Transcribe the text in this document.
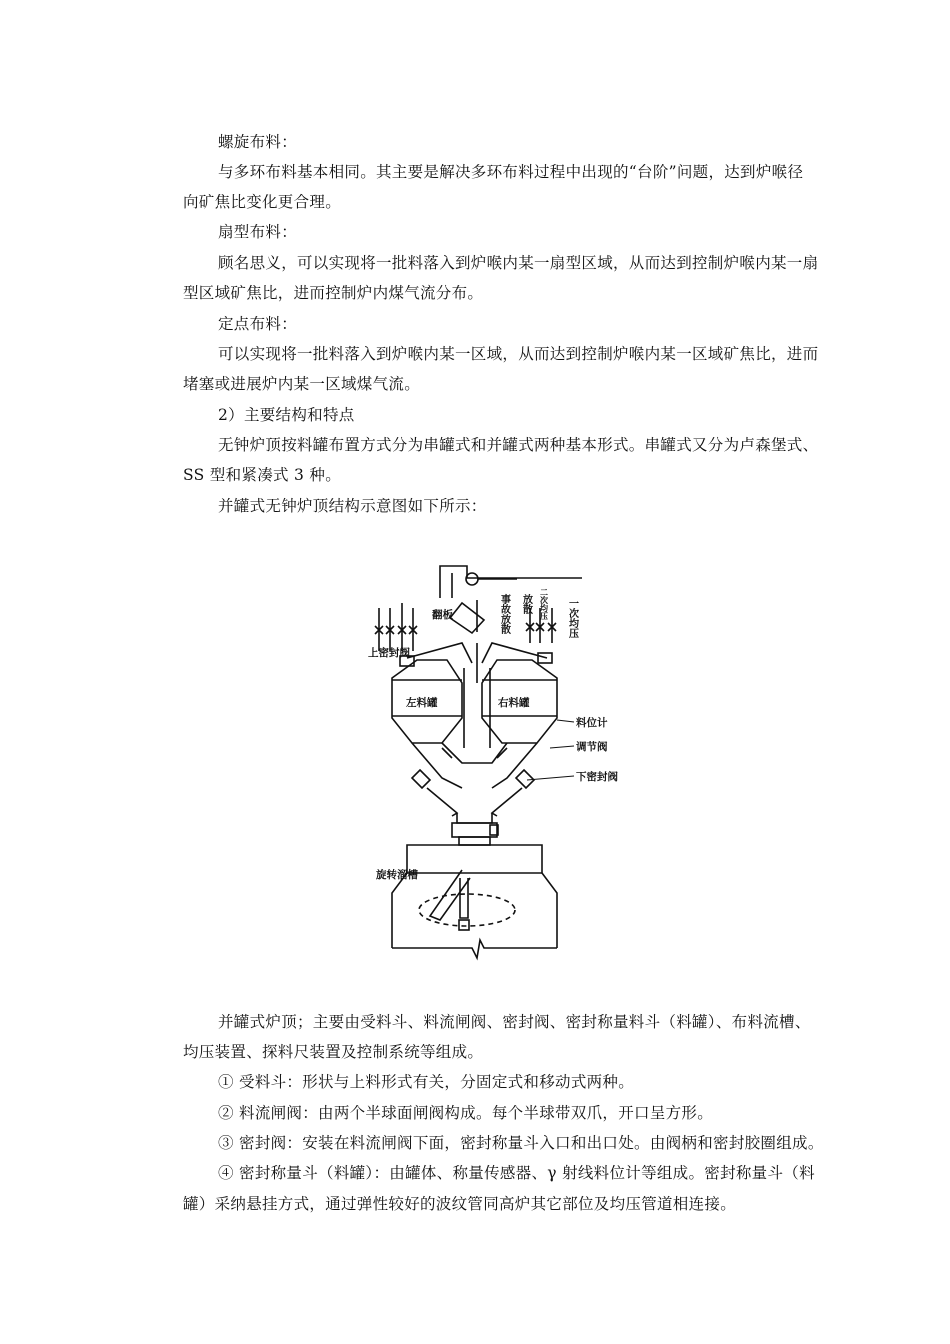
螺旋布料：
与多环布料基本相同。其主要是解决多环布料过程中出现的“台阶”问题，达到炉喉径
向矿焦比变化更合理。
扇型布料：
顾名思义，可以实现将一批料落入到炉喉内某一扇型区域，从而达到控制炉喉内某一扇
型区域矿焦比，进而控制炉内煤气流分布。
定点布料：
可以实现将一批料落入到炉喉内某一区域，从而达到控制炉喉内某一区域矿焦比，进而
堵塞或进展炉内某一区域煤气流。
2）主要结构和特点
无钟炉顶按料罐布置方式分为串罐式和并罐式两种基本形式。串罐式又分为卢森堡式、
SS 型和紧凑式 3 种。
并罐式无钟炉顶结构示意图如下所示：
翻板
上密封阀
左料罐	右料罐
料位计
调节阀
下密封阀
旋转溜槽
事故放散 放散 二次均压 一次均压
并罐式炉顶；主要由受料斗、料流闸阀、密封阀、密封称量料斗（料罐）、布料流槽、
均压装置、探料尺装置及控制系统等组成。
① 受料斗：形状与上料形式有关，分固定式和移动式两种。
② 料流闸阀：由两个半球面闸阀构成。每个半球带双爪，开口呈方形。
③ 密封阀：安装在料流闸阀下面，密封称量斗入口和出口处。由阀柄和密封胶圈组成。
④ 密封称量斗（料罐）：由罐体、称量传感器、γ 射线料位计等组成。密封称量斗（料
罐）采纳悬挂方式，通过弹性较好的波纹管同高炉其它部位及均压管道相连接。
